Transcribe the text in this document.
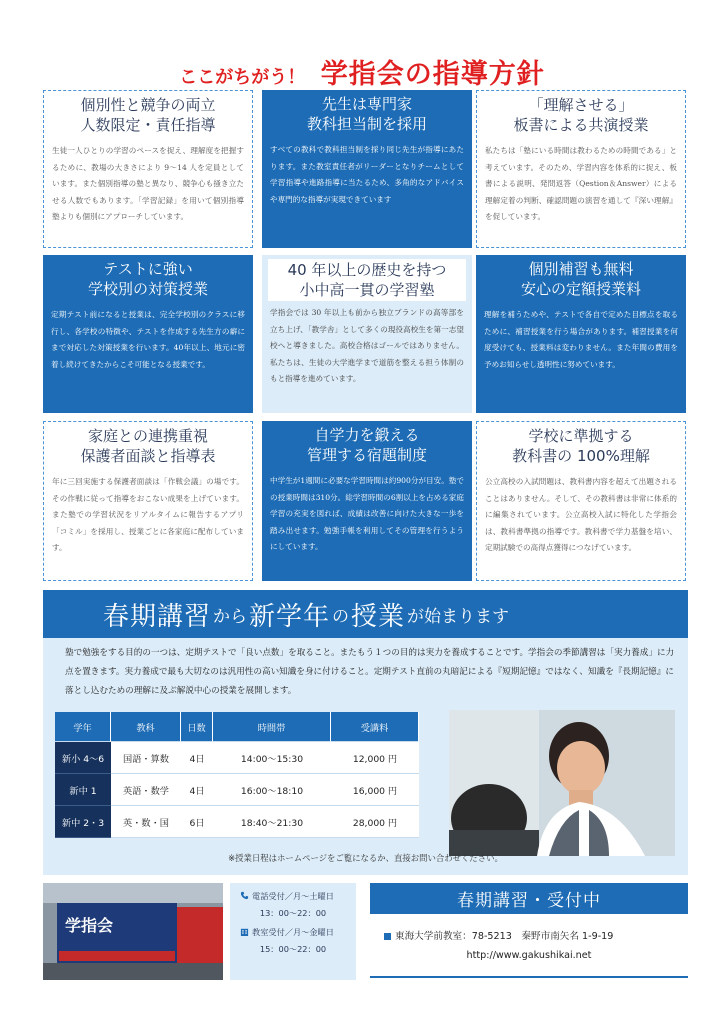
ここがちがう！ 学指会の指導方針
個別性と競争の両立
人数限定・責任指導
生徒一人ひとりの学習のペースを捉え、理解度を把握するために、教場の大きさにより 9～14 人を定員としています。また個別指導の塾と異なり、競争心も掻き立たせる人数でもあります。「学習記録」を用いて個別指導塾よりも個別にアプローチしています。
先生は専門家
教科担当制を採用
すべての教科で教科担当制を採り同じ先生が指導にあたります。また教室責任者がリーダーとなりチームとして学習指導や進路指導に当たるため、多角的なアドバイスや専門的な指導が実現できています
「理解させる」
板書による共演授業
私たちは「塾にいる時間は教わるための時間である」と考えています。そのため、学習内容を体系的に捉え、板書による説明、発問返答（Qestion＆Answer）による理解定着の判断、確認問題の演習を通して『深い理解』を促しています。
テストに強い
学校別の対策授業
定期テスト前になると授業は、完全学校別のクラスに移行し、各学校の特徴や、テストを作成する先生方の癖にまで対応した対策授業を行います。40年以上、地元に密着し続けてきたからこそ可能となる授業です。
40 年以上の歴史を持つ
小中高一貫の学習塾
学指会では 30 年以上も前から独立ブランドの高等部を立ち上げ、「教学舎」として多くの現役高校生を第一志望校へと導きました。高校合格はゴールではありません。私たちは、生徒の大学進学まで道筋を整える担う体制のもと指導を進めています。
個別補習も無料
安心の定額授業料
理解を補うためや、テストで各自で定めた目標点を取るために、補習授業を行う場合があります。補習授業を何度受けても、授業料は変わりません。また年間の費用を予めお知らせし透明性に努めています。
家庭との連携重視
保護者面談と指導表
年に三回実施する保護者面談は「作戦会議」の場です。その作戦に従って指導をおこない成果を上げています。また塾での学習状況をリアルタイムに報告するアプリ「コミル」を採用し、授業ごとに各家庭に配布しています。
自学力を鍛える
管理する宿題制度
中学生が1週間に必要な学習時間は約900分が目安。塾での授業時間は310分。総学習時間の6割以上を占める家庭学習の充実を図れば、成績は改善に向けた大きな一歩を踏み出せます。勉強手帳を利用してその管理を行うようにしています。
学校に準拠する
教科書の 100%理解
公立高校の入試問題は、教科書内容を超えて出題されることはありません。そして、その教科書は非常に体系的に編集されています。公立高校入試に特化した学指会は、教科書準拠の指導です。教科書で学力基盤を培い、定期試験での高得点獲得につなげています。
春期講習 から 新学年 の 授業 が始まります
塾で勉強をする目的の一つは、定期テストで「良い点数」を取ること。またもう１つの目的は実力を養成することです。学指会の季節講習は「実力養成」に力点を置きます。実力養成で最も大切なのは汎用性の高い知識を身に付けること。定期テスト直前の丸暗記による『短期記憶』ではなく、知識を『長期記憶』に落とし込むための理解に及ぶ解説中心の授業を展開します。
学年	教科	日数	時間帯	受講料
新小 4～6	国語・算数	4日	14:00～15:30	12,000 円
新中 1	英語・数学	4日	16:00～18:10	16,000 円
新中 2・3	英・数・国	6日	18:40～21:30	28,000 円
※授業日程はホームページをご覧になるか、直接お問い合わせください。
学指会
電話受付／月～土曜日
13：00～22：00
教室受付／月～金曜日
15：00～22：00
春期講習・受付中
東海大学前教室：78-5213　秦野市南矢名 1-9-19
http://www.gakushikai.net
